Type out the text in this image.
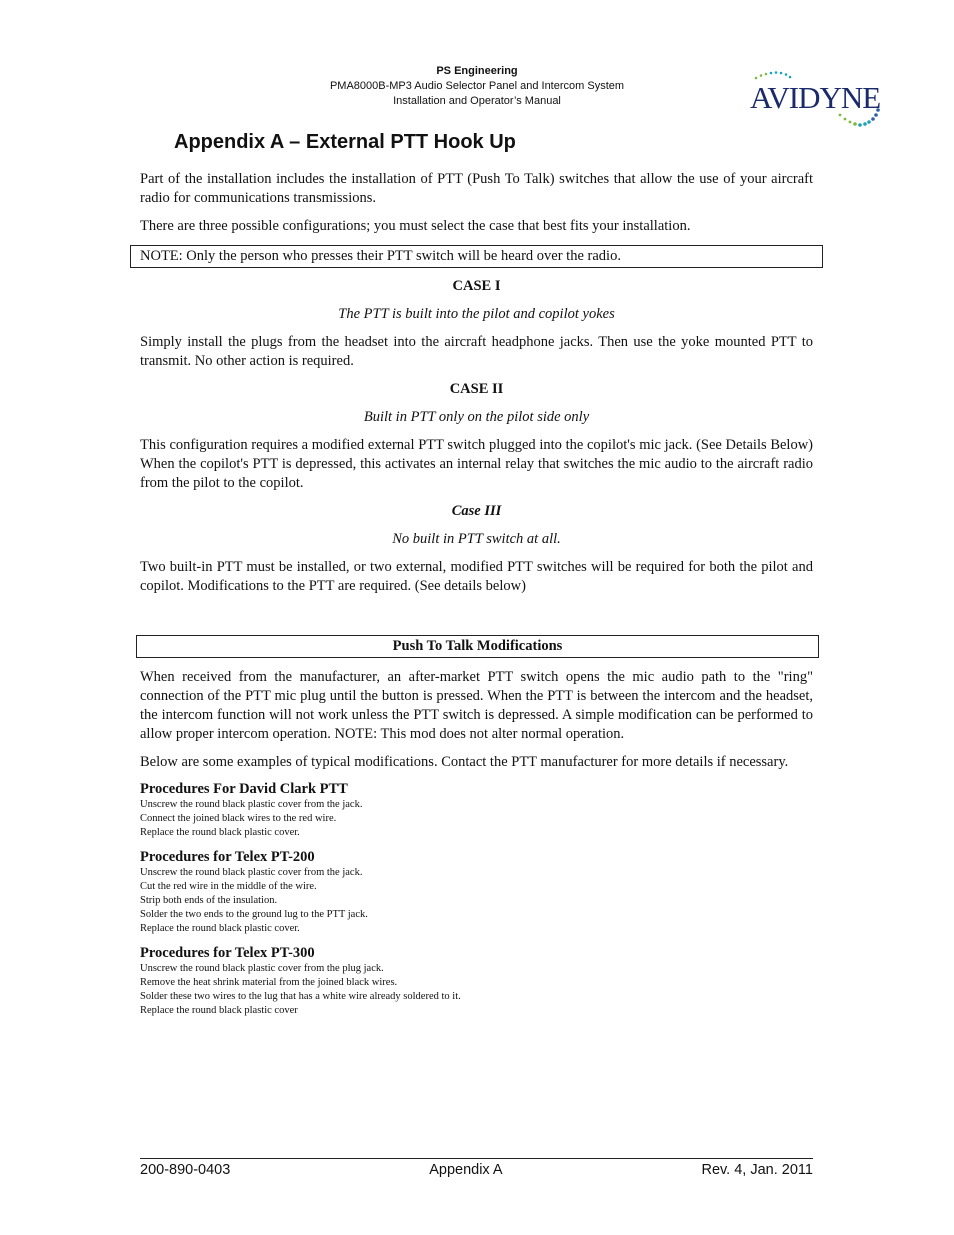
PS Engineering
PMA8000B-MP3 Audio Selector Panel and Intercom System
Installation and Operator’s Manual	AVIDYNE
Appendix A – External PTT Hook Up

Part of the installation includes the installation of PTT (Push To Talk) switches that allow the use of your aircraft radio for communications transmissions.

There are three possible configurations; you must select the case that best fits your installation.

NOTE: Only the person who presses their PTT switch will be heard over the radio.

CASE I

The PTT is built into the pilot and copilot yokes

Simply install the plugs from the headset into the aircraft headphone jacks. Then use the yoke mounted PTT to transmit. No other action is required.

CASE II

Built in PTT only on the pilot side only

This configuration requires a modified external PTT switch plugged into the copilot's mic jack. (See Details Below) When the copilot's PTT is depressed, this activates an internal relay that switches the mic audio to the aircraft radio from the pilot to the copilot.

Case III

No built in PTT switch at all.

Two built-in PTT must be installed, or two external, modified PTT switches will be required for both the pilot and copilot. Modifications to the PTT are required. (See details below)

Push To Talk Modifications

When received from the manufacturer, an after-market PTT switch opens the mic audio path to the "ring" connection of the PTT mic plug until the button is pressed. When the PTT is between the intercom and the headset, the intercom function will not work unless the PTT switch is depressed. A simple modification can be performed to allow proper intercom operation. NOTE: This mod does not alter normal operation.

Below are some examples of typical modifications. Contact the PTT manufacturer for more details if necessary.

Procedures For David Clark PTT

Unscrew the round black plastic cover from the jack.
Connect the joined black wires to the red wire.
Replace the round black plastic cover.

Procedures for Telex PT-200

Unscrew the round black plastic cover from the jack.
Cut the red wire in the middle of the wire.
Strip both ends of the insulation.
Solder the two ends to the ground lug to the PTT jack.
Replace the round black plastic cover.

Procedures for Telex PT-300

Unscrew the round black plastic cover from the plug jack.
Remove the heat shrink material from the joined black wires.
Solder these two wires to the lug that has a white wire already soldered to it.
Replace the round black plastic cover
200-890-0403	Appendix A	Rev. 4, Jan. 2011
